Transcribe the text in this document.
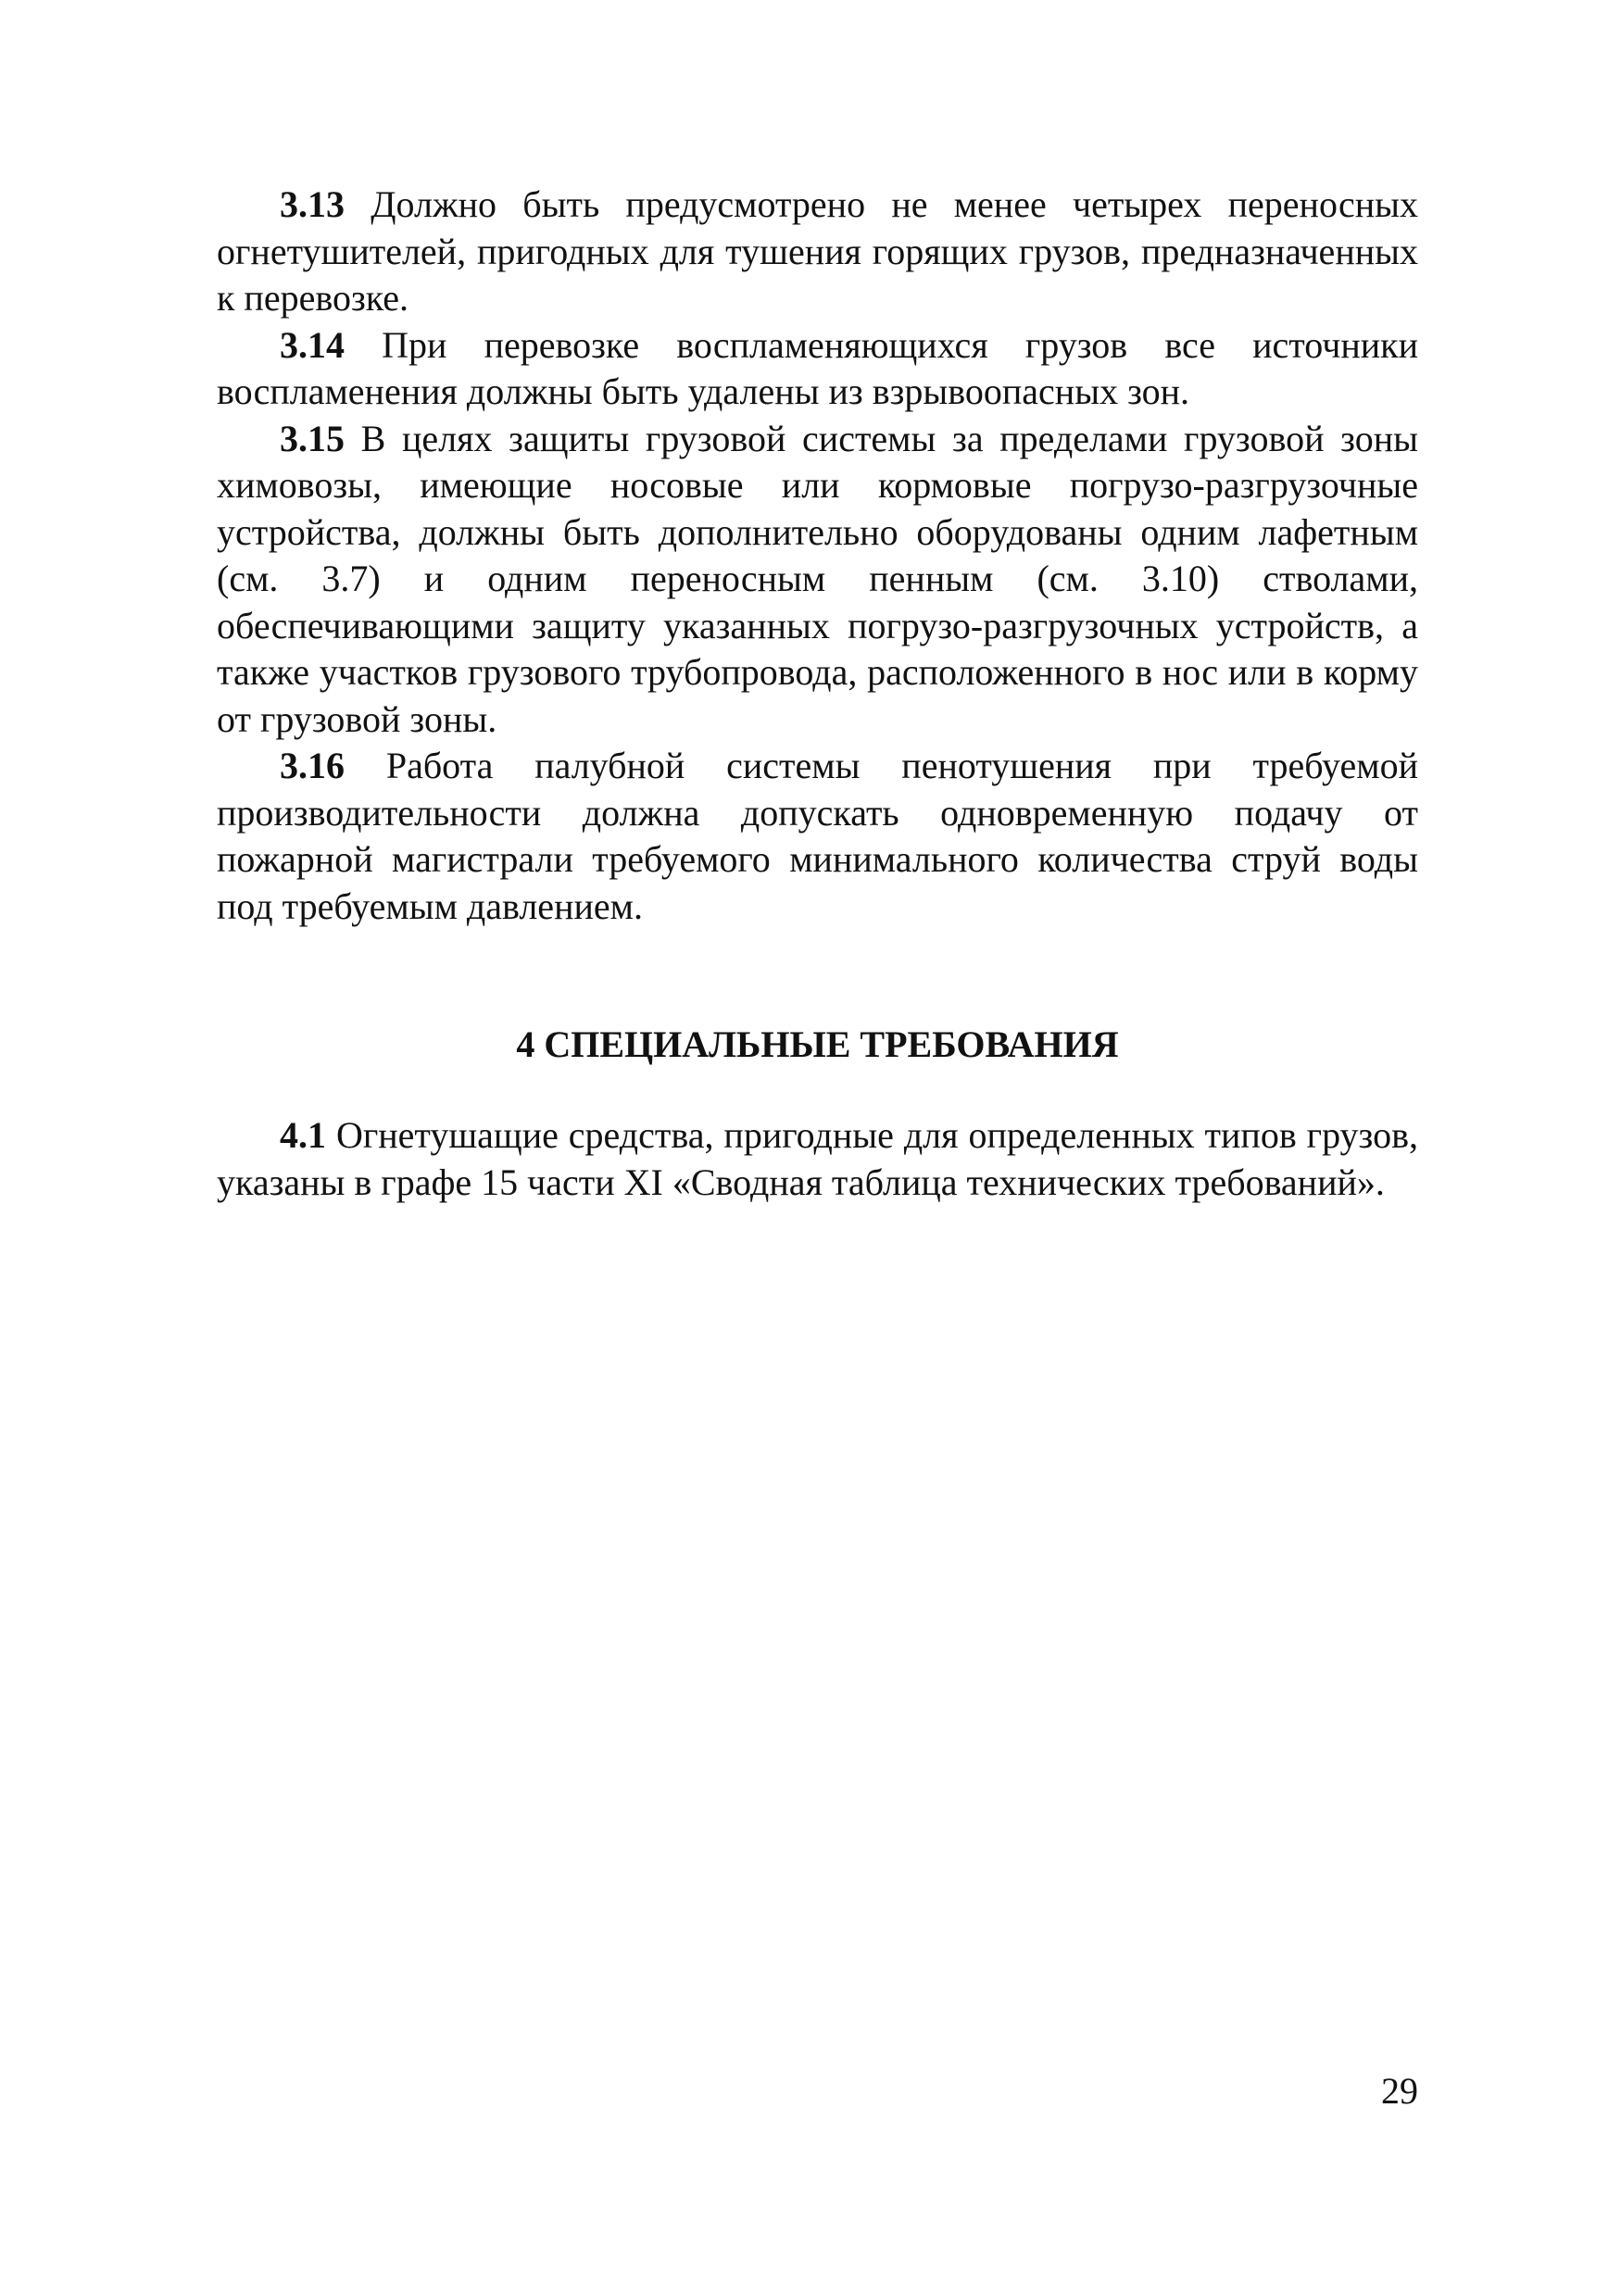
3.13 Должно быть предусмотрено не менее четырех переносных огнетушителей, пригодных для тушения горящих грузов, предназначенных к перевозке.

3.14 При перевозке воспламеняющихся грузов все источники воспламенения должны быть удалены из взрывоопасных зон.

3.15 В целях защиты грузовой системы за пределами грузовой зоны химовозы, имеющие носовые или кормовые погрузо-разгрузочные устройства, должны быть дополнительно оборудованы одним лафетным (см. 3.7) и одним переносным пенным (см. 3.10) стволами, обеспечивающими защиту указанных погрузо-разгрузочных устройств, а также участков грузового трубопровода, расположенного в нос или в корму от грузовой зоны.

3.16 Работа палубной системы пенотушения при требуемой производительности должна допускать одновременную подачу от пожарной магистрали требуемого минимального количества струй воды под требуемым давлением.

4 СПЕЦИАЛЬНЫЕ ТРЕБОВАНИЯ

4.1 Огнетушащие средства, пригодные для определенных типов грузов, указаны в графе 15 части XI «Сводная таблица технических требований».

29
